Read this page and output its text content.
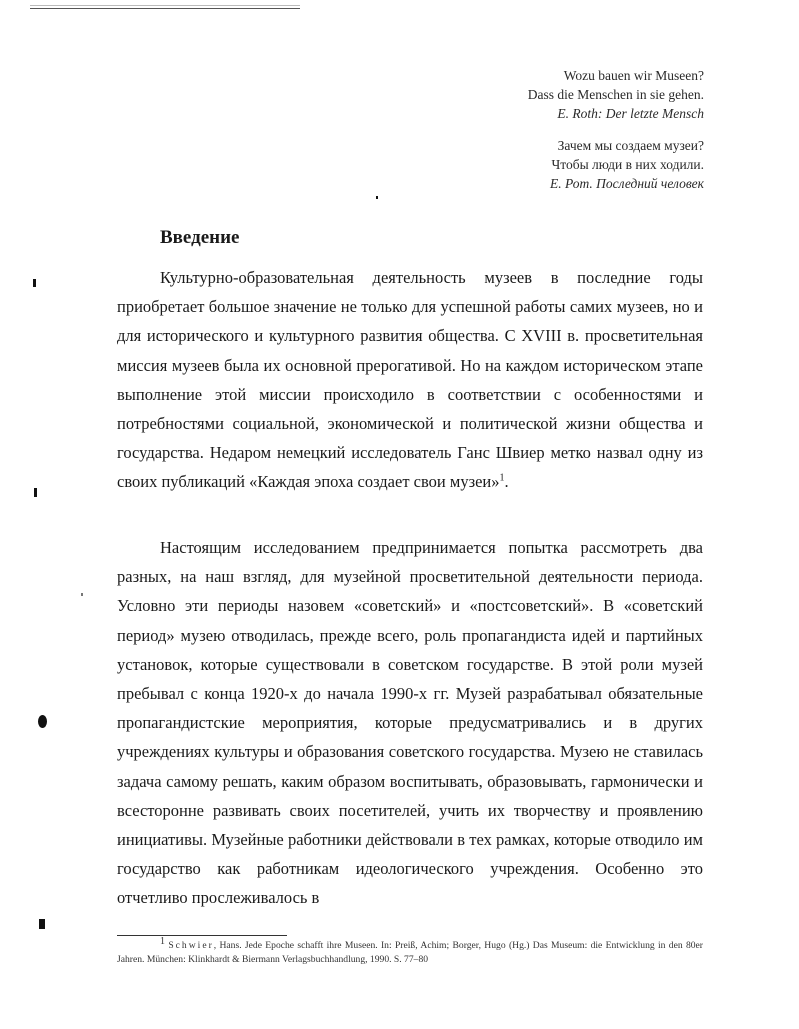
Wozu bauen wir Museen?
Dass die Menschen in sie gehen.
E. Roth: Der letzte Mensch
Зачем мы создаем музеи?
Чтобы люди в них ходили.
Е. Рот. Последний человек
Введение

Культурно-образовательная деятельность музеев в последние годы приобретает большое значение не только для успешной работы самих музеев, но и для исторического и культурного развития общества. С XVIII в. просветительная миссия музеев была их основной прерогативой. Но на каждом историческом этапе выполнение этой миссии происходило в соответствии с особенностями и потребностями социальной, экономической и политической жизни общества и государства. Недаром немецкий исследователь Ганс Швиер метко назвал одну из своих публикаций «Каждая эпоха создает свои музеи»$^1$.

Настоящим исследованием предпринимается попытка рассмотреть два разных, на наш взгляд, для музейной просветительной деятельности периода. Условно эти периоды назовем «советский» и «постсоветский». В «советский период» музею отводилась, прежде всего, роль пропагандиста идей и партийных установок, которые существовали в советском государстве. В этой роли музей пребывал с конца 1920-х до начала 1990-х гг. Музей разрабатывал обязательные пропагандистские мероприятия, которые предусматривались и в других учреждениях культуры и образования советского государства. Музею не ставилась задача самому решать, каким образом воспитывать, образовывать, гармонически и всесторонне развивать своих посетителей, учить их творчеству и проявлению инициативы. Музейные работники действовали в тех рамках, которые отводило им государство как работникам идеологического учреждения. Особенно это отчетливо прослеживалось в

$^1$ Schwier, Hans. Jede Epoche schafft ihre Museen. In: Preiß, Achim; Borger, Hugo (Hg.) Das Museum: die Entwicklung in den 80er Jahren. München: Klinkhardt & Biermann Verlagsbuchhandlung, 1990. S. 77–80
